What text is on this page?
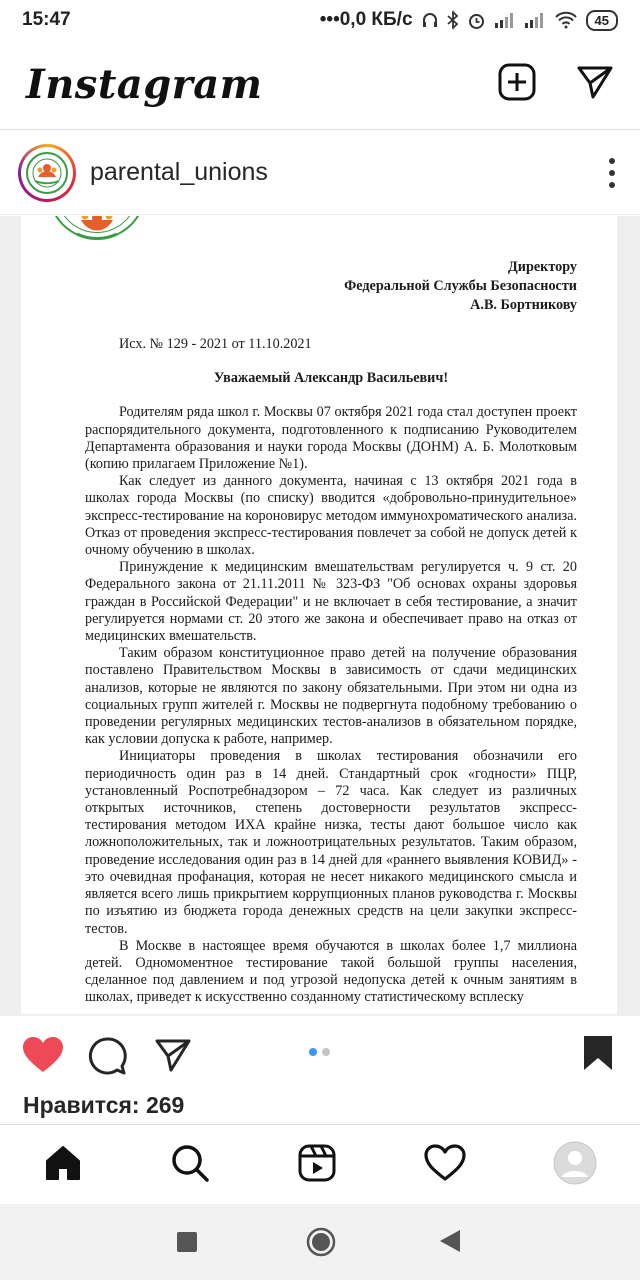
15:47	•••0,0 КБ/с	45
Instagram
parental_unions
Директору
Федеральной Службы Безопасности
А.В. Бортникову
Исх. № 129 - 2021 от 11.10.2021
Уважаемый Александр Васильевич!

Родителям ряда школ г. Москвы 07 октября 2021 года стал доступен проект распорядительного документа, подготовленного к подписанию Руководителем Департамента образования и науки города Москвы (ДОНМ) А. Б. Молотковым (копию прилагаем Приложение №1).

Как следует из данного документа, начиная с 13 октября 2021 года в школах города Москвы (по списку) вводится «добровольно-принудительное» экспресс-тестирование на короновирус методом иммунохроматического анализа. Отказ от проведения экспресс-тестирования повлечет за собой не допуск детей к очному обучению в школах.

Принуждение к медицинским вмешательствам регулируется ч. 9 ст. 20 Федерального закона от 21.11.2011 № 323-ФЗ "Об основах охраны здоровья граждан в Российской Федерации" и не включает в себя тестирование, а значит регулируется нормами ст. 20 этого же закона и обеспечивает право на отказ от медицинских вмешательств.

Таким образом конституционное право детей на получение образования поставлено Правительством Москвы в зависимость от сдачи медицинских анализов, которые не являются по закону обязательными. При этом ни одна из социальных групп жителей г. Москвы не подвергнута подобному требованию о проведении регулярных медицинских тестов-анализов в обязательном порядке, как условии допуска к работе, например.

Инициаторы проведения в школах тестирования обозначили его периодичность один раз в 14 дней. Стандартный срок «годности» ПЦР, установленный Роспотребнадзором – 72 часа. Как следует из различных открытых источников, степень достоверности результатов экспресс-тестирования методом ИХА крайне низка, тесты дают большое число как ложноположительных, так и ложноотрицательных результатов. Таким образом, проведение исследования один раз в 14 дней для «раннего выявления КОВИД» - это очевидная профанация, которая не несет никакого медицинского смысла и является всего лишь прикрытием коррупционных планов руководства г. Москвы по изъятию из бюджета города денежных средств на цели закупки экспресс-тестов.

В Москве в настоящее время обучаются в школах более 1,7 миллиона детей. Одномоментное тестирование такой большой группы населения, сделанное под давлением и под угрозой недопуска детей к очным занятиям в школах, приведет к искусственно созданному статистическому всплеску

Нравится: 269
